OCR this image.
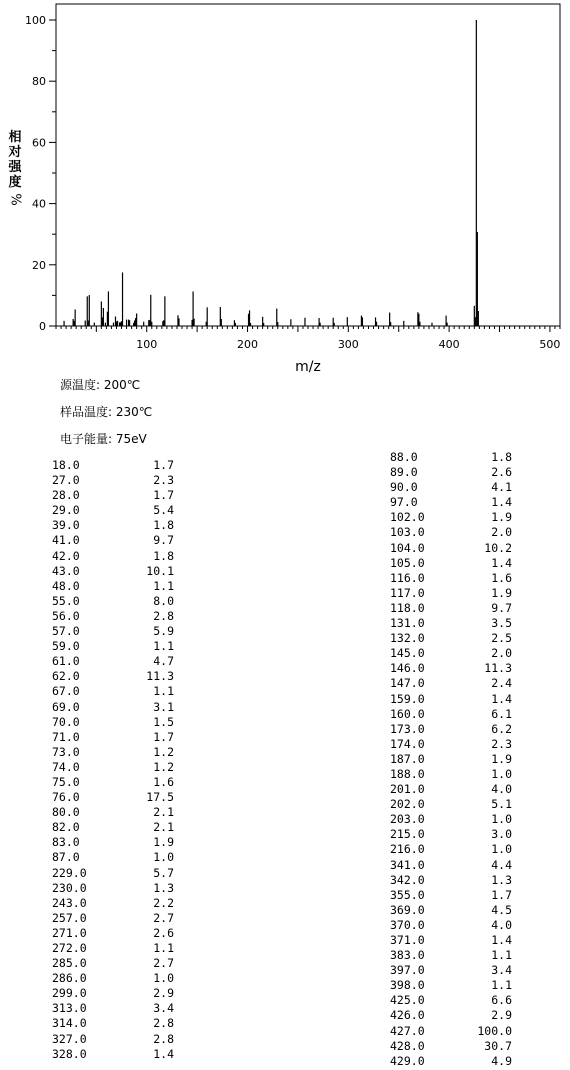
0
20
40
60
80
100
100	200	300	400	500
m/z
相对强度
%
源温度: 200℃
样品温度: 230℃
电子能量: 75eV
18.0	1.7
27.0	2.3
28.0	1.7
29.0	5.4
39.0	1.8
41.0	9.7
42.0	1.8
43.0	10.1
48.0	1.1
55.0	8.0
56.0	2.8
57.0	5.9
59.0	1.1
61.0	4.7
62.0	11.3
67.0	1.1
69.0	3.1
70.0	1.5
71.0	1.7
73.0	1.2
74.0	1.2
75.0	1.6
76.0	17.5
80.0	2.1
82.0	2.1
83.0	1.9
87.0	1.0
229.0	5.7
230.0	1.3
243.0	2.2
257.0	2.7
271.0	2.6
272.0	1.1
285.0	2.7
286.0	1.0
299.0	2.9
313.0	3.4
314.0	2.8
327.0	2.8
328.0	1.4
88.0	1.8
89.0	2.6
90.0	4.1
97.0	1.4
102.0	1.9
103.0	2.0
104.0	10.2
105.0	1.4
116.0	1.6
117.0	1.9
118.0	9.7
131.0	3.5
132.0	2.5
145.0	2.0
146.0	11.3
147.0	2.4
159.0	1.4
160.0	6.1
173.0	6.2
174.0	2.3
187.0	1.9
188.0	1.0
201.0	4.0
202.0	5.1
203.0	1.0
215.0	3.0
216.0	1.0
341.0	4.4
342.0	1.3
355.0	1.7
369.0	4.5
370.0	4.0
371.0	1.4
383.0	1.1
397.0	3.4
398.0	1.1
425.0	6.6
426.0	2.9
427.0	100.0
428.0	30.7
429.0	4.9
